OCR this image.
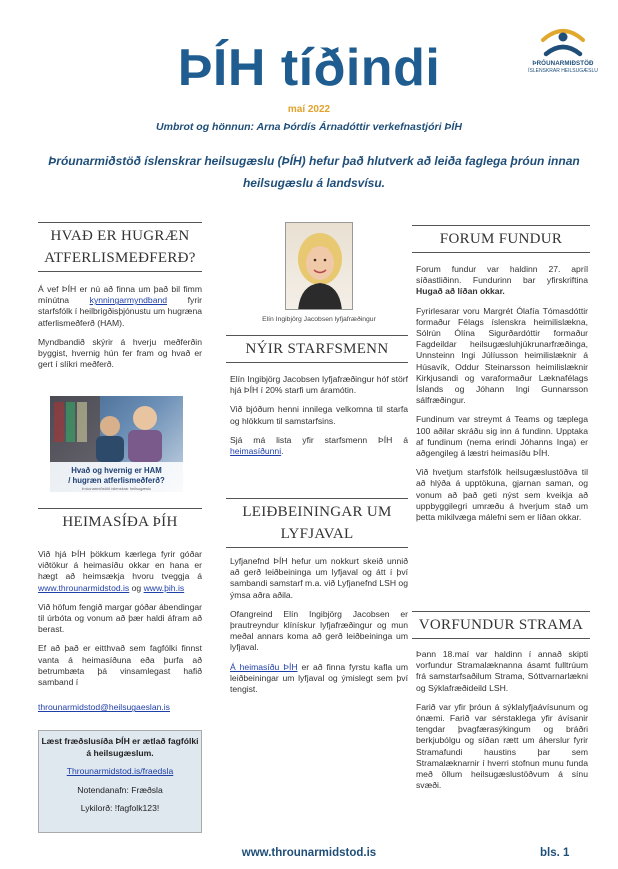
ÞÍH tíðindi
maí 2022
Umbrot og hönnun: Arna Þórdís Árnadóttir verkefnastjóri ÞÍH
ÞRÓUNARMIÐSTÖÐ
ÍSLENSKRAR HEILSUGÆSLU
Þróunarmiðstöð íslenskrar heilsugæslu (ÞÍH) hefur það hlutverk að leiða faglega þróun innan heilsugæslu á landsvísu.
HVAÐ ER HUGRÆN ATFERLISMEÐFERÐ?

Á vef ÞÍH er nú að finna um það bil fimm mínútna kynningarmyndband fyrir starfsfólk í heilbrigðisþjónustu um hugræna atferlismeðferð (HAM).

Myndbandið skýrir á hverju meðferðin byggist, hvernig hún fer fram og hvað er gert í slíkri meðferð.

Hvað og hvernig er HAM
/ hugræn atferlismeðferð?
Þróunarmiðstöð íslenskrar heilsugæslu
HEIMASÍÐA ÞÍH

Við hjá ÞÍH þökkum kærlega fyrir góðar viðtökur á heimasíðu okkar en hana er hægt að heimsækja hvoru tveggja á www.throunarmidstod.is og www.þih.is

Við höfum fengið margar góðar ábendingar til úrbóta og vonum að þær haldi áfram að berast.

Ef að það er eitthvað sem fagfólki finnst vanta á heimasíðuna eða þurfa að betrumbæta þá vinsamlegast hafið samband í

throunarmidstod@heilsugaeslan.is

Læst fræðslusíða ÞÍH er ætlað fagfólki á heilsugæslum.
Throunarmidstod.is/fraedsla
Notendanafn: Fræðsla
Lykilorð: !fagfolk123!
Elín Ingibjörg Jacobsen lyfjafræðingur
NÝIR STARFSMENN

Elín Ingibjörg Jacobsen lyfjafræðingur hóf störf hjá ÞÍH í 20% starfi um áramótin.

Við bjóðum henni innilega velkomna til starfa og hlökkum til samstarfsins.

Sjá má lista yfir starfsmenn ÞÍH á heimasíðunni.

LEIÐBEININGAR UM LYFJAVAL

Lyfjanefnd ÞÍH hefur um nokkurt skeið unnið að gerð leiðbeininga um lyfjaval og átt í því sambandi samstarf m.a. við Lyfjanefnd LSH og ýmsa aðra aðila.

Ofangreind Elín Ingibjörg Jacobsen er þrautreyndur klínískur lyfjafræðingur og mun meðal annars koma að gerð leiðbeininga um lyfjaval.

Á heimasíðu ÞÍH er að finna fyrstu kafla um leiðbeiningar um lyfjaval og ýmislegt sem því tengist.

FORUM FUNDUR

Forum fundur var haldinn 27. apríl síðastliðinn. Fundurinn bar yfirskriftina Hugað að líðan okkar.

Fyrirlesarar voru Margrét Ólafía Tómasdóttir formaður Félags íslenskra heimilislækna, Sólrún Ólína Sigurðardóttir formaður Fagdeildar heilsugæsluhjúkrunarfræðinga, Unnsteinn Ingi Júlíusson heimilislæknir á Húsavík, Oddur Steinarsson heimilislæknir Kirkjusandi og varaformaður Læknafélags Íslands og Jóhann Ingi Gunnarsson sálfræðingur.

Fundinum var streymt á Teams og tæplega 100 aðilar skráðu sig inn á fundinn. Upptaka af fundinum (nema erindi Jóhanns Inga) er aðgengileg á læstri heimasíðu ÞÍH.

Við hvetjum starfsfólk heilsugæslustöðva til að hlýða á upptökuna, gjarnan saman, og vonum að það geti nýst sem kveikja að uppbyggilegri umræðu á hverjum stað um þetta mikilvæga málefni sem er líðan okkar.

VORFUNDUR STRAMA

Þann 18.maí var haldinn í annað skipti vorfundur Stramalæknanna ásamt fulltrúum frá samstarfsaðilum Strama, Sóttvarnarlækni og Sýklafræðideild LSH.

Farið var yfir þróun á sýklalyfjaávísunum og ónæmi. Farið var sérstaklega yfir ávísanir tengdar þvagfærasýkingum og bráðri berkjubólgu og síðan rætt um áherslur fyrir Stramafundi haustins þar sem Stramalæknarnir í hverri stofnun munu funda með öllum heilsugæslustöðvum á sínu svæði.

www.throunarmidstod.is	bls. 1
